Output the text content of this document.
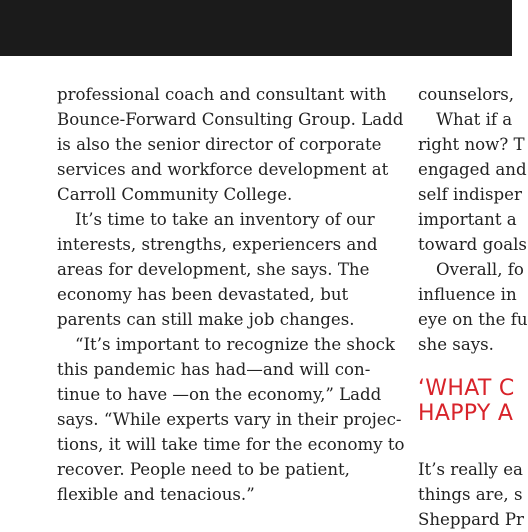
professional coach and consultant with
Bounce-Forward Consulting Group. Ladd
is also the senior director of corporate
services and workforce development at
Carroll Community College.
It’s time to take an inventory of our
interests, strengths, experiencers and
areas for development, she says. The
economy has been devastated, but
parents can still make job changes.
“It’s important to recognize the shock
this pandemic has had—and will con-
tinue to have —on the economy,” Ladd
says. “While experts vary in their projec-
tions, it will take time for the economy to
recover. People need to be patient,
flexible and tenacious.”
counselors,
What if a
right now? T
engaged and
self indisper
important a
toward goals
Overall, fo
influence in
eye on the fu
she says.
‘WHAT C
HAPPY A
It’s really ea
things are, s
Sheppard Pr
